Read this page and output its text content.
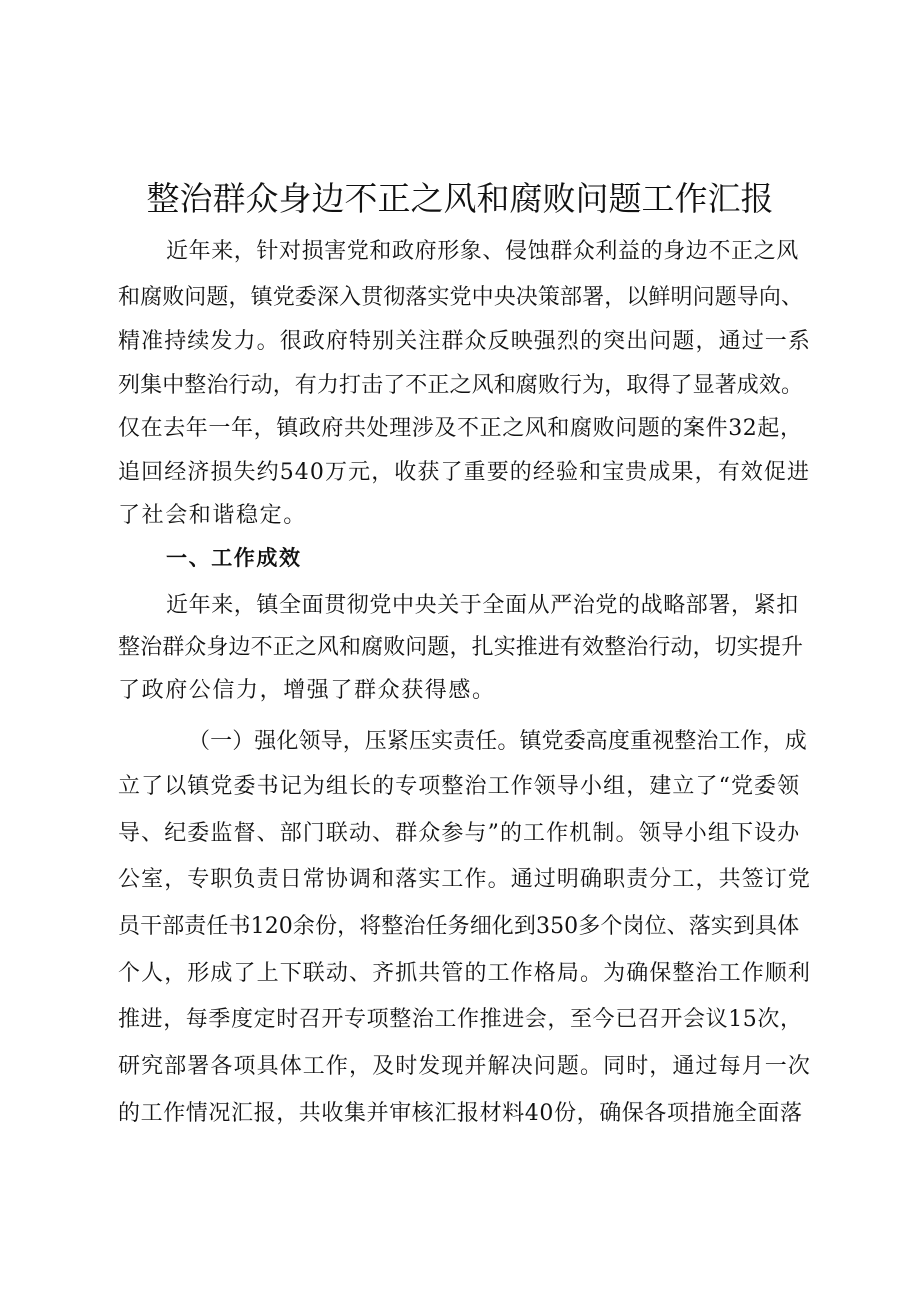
整治群众身边不正之风和腐败问题工作汇报
近年来，针对损害党和政府形象、侵蚀群众利益的身边不正之风
和腐败问题，镇党委深入贯彻落实党中央决策部署，以鲜明问题导向、
精准持续发力。很政府特别关注群众反映强烈的突出问题，通过一系
列集中整治行动，有力打击了不正之风和腐败行为，取得了显著成效。
仅在去年一年，镇政府共处理涉及不正之风和腐败问题的案件32起，
追回经济损失约540万元，收获了重要的经验和宝贵成果，有效促进
了社会和谐稳定。
一、工作成效
近年来，镇全面贯彻党中央关于全面从严治党的战略部署，紧扣
整治群众身边不正之风和腐败问题，扎实推进有效整治行动，切实提升
了政府公信力，增强了群众获得感。
（一）强化领导，压紧压实责任。镇党委高度重视整治工作，成
立了以镇党委书记为组长的专项整治工作领导小组，建立了“党委领
导、纪委监督、部门联动、群众参与”的工作机制。领导小组下设办
公室，专职负责日常协调和落实工作。通过明确职责分工，共签订党
员干部责任书120余份，将整治任务细化到350多个岗位、落实到具体
个人，形成了上下联动、齐抓共管的工作格局。为确保整治工作顺利
推进，每季度定时召开专项整治工作推进会，至今已召开会议15次，
研究部署各项具体工作，及时发现并解决问题。同时，通过每月一次
的工作情况汇报，共收集并审核汇报材料40份，确保各项措施全面落
